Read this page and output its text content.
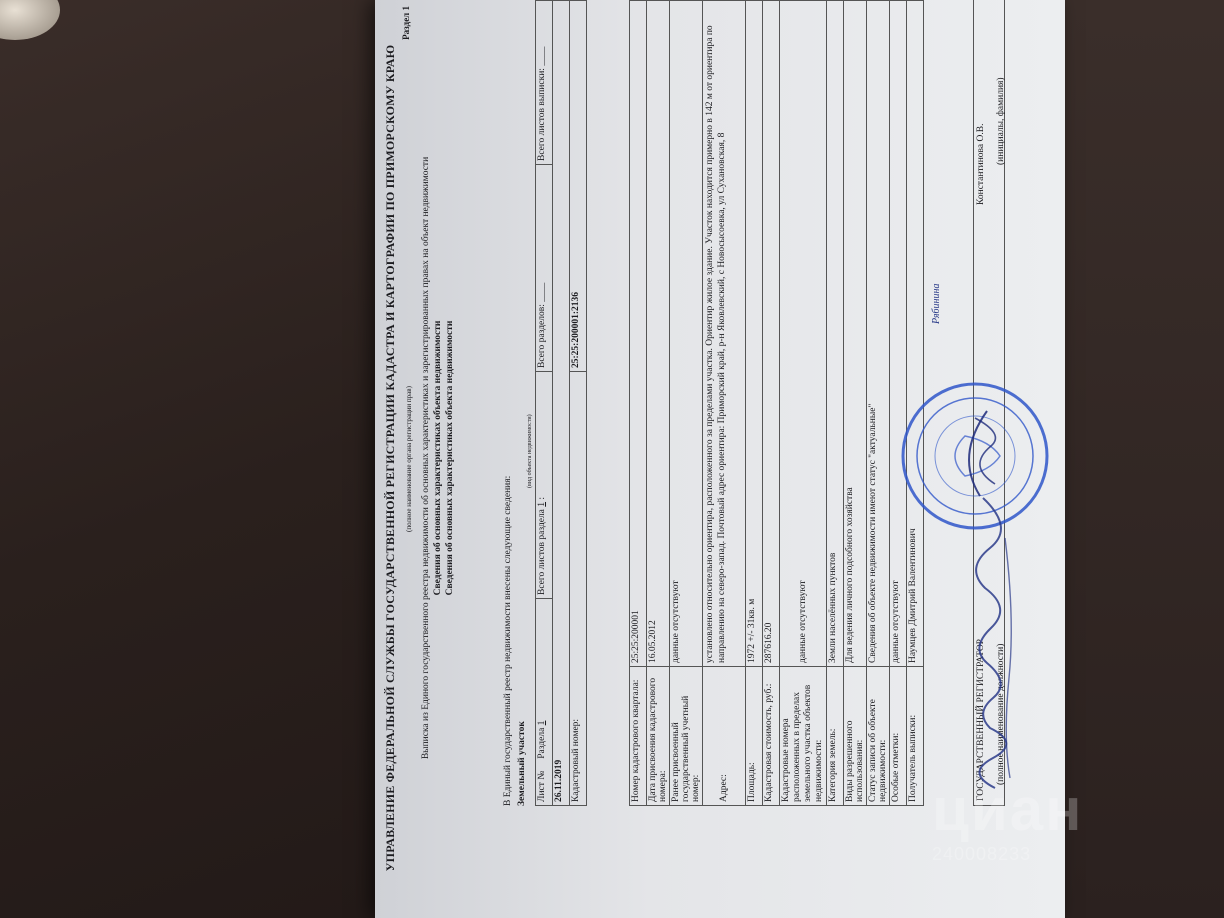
УПРАВЛЕНИЕ ФЕДЕРАЛЬНОЙ СЛУЖБЫ ГОСУДАРСТВЕННОЙ РЕГИСТРАЦИИ КАДАСТРА И КАРТОГРАФИИ ПО ПРИМОРСКОМУ КРАЮ (полное наименование органа регистрации прав)
Раздел 1
Выписка из Единого государственного реестра недвижимости об основных характеристиках и зарегистрированных правах на объект недвижимости Сведения об основных характеристиках объекта недвижимости Сведения об основных характеристиках объекта недвижимости
В Единый государственный реестр недвижимости внесены следующие сведения: Земельный участок
(вид объекта недвижимости)
Лист №     Раздела 1	Всего листов раздела 1 :	Всего разделов: ____	Всего листов выписки: ____
26.11.2019			
Кадастровый номер:		25:25:200001:2136	
Номер кадастрового квартала:	25:25:200001
Дата присвоения кадастрового номера:	16.05.2012
Ранее присвоенный государственный учетный номер:	данные отсутствуют
Адрес:	установлено относительно ориентира, расположенного за пределами участка. Ориентир жилое здание. Участок находится примерно в 142 м от ориентира по направлению на северо-запад. Почтовый адрес ориентира: Приморский край, р-н Яковлевский, с Новосысоевка, ул Сухановская, 8
Площадь:	1972 +/- 31кв. м
Кадастровая стоимость, руб.:	287616.20
Кадастровые номера расположенных в пределах земельного участка объектов недвижимости:	данные отсутствуют
Категория земель:	Земли населённых пунктов
Виды разрешенного использования:	Для ведения личного подсобного хозяйства
Статус записи об объекте недвижимости:	Сведения об объекте недвижимости имеют статус "актуальные"
Особые отметки:	данные отсутствуют
Получатель выписки:	Наумцев Дмитрий Валентинович
ГОСУДАРСТВЕННЫЙ РЕГИСТРАТОР (полное наименование должности)
Константинова О.В. (инициалы, фамилия)
Рябинина
циан
240008233
